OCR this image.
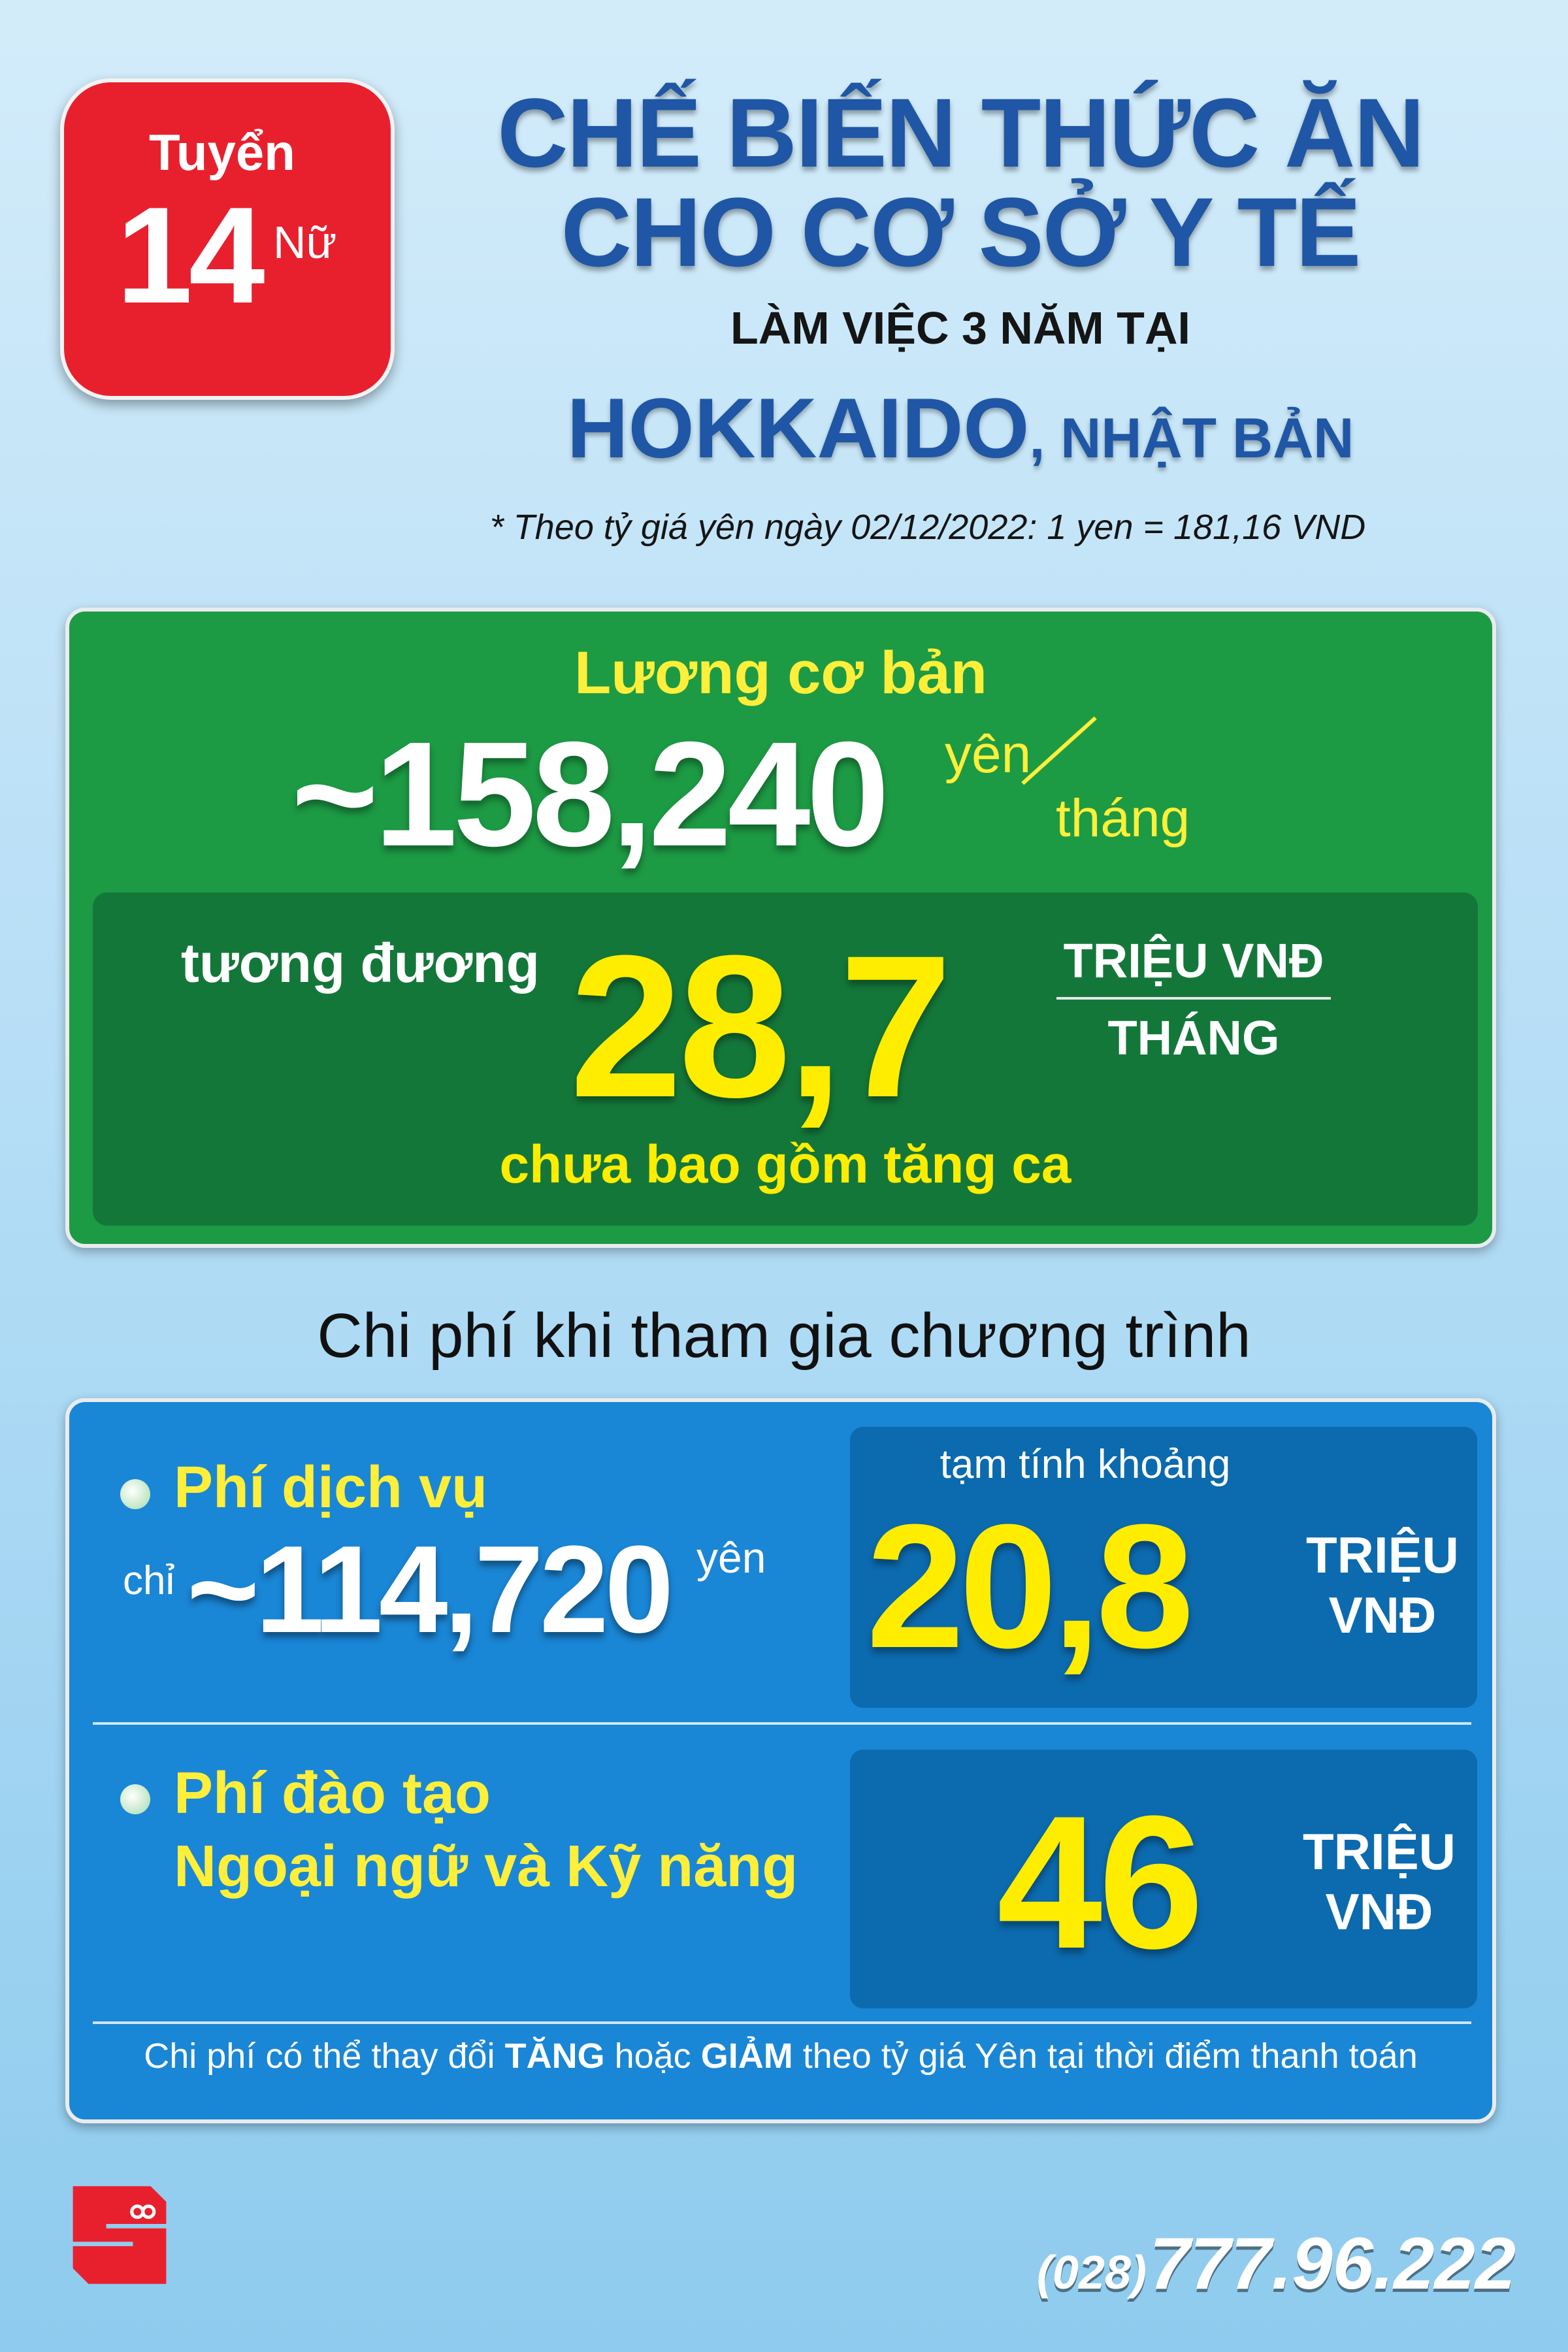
Tuyển
14 Nữ
CHẾ BIẾN THỨC ĂN
CHO CƠ SỞ Y TẾ
LÀM VIỆC 3 NĂM TẠI
HOKKAIDO, NHẬT BẢN
* Theo tỷ giá yên ngày 02/12/2022: 1 yen = 181,16 VND
Lương cơ bản
~158,240 yên
tháng
tương đương 28,7 TRIỆU VNĐ
THÁNG
chưa bao gồm tăng ca
Chi phí khi tham gia chương trình
Phí dịch vụ
chỉ ~114,720 yên
tạm tính khoảng
20,8 TRIỆU
VNĐ
Phí đào tạo
Ngoại ngữ và Kỹ năng 46 TRIỆU
VNĐ
Chi phí có thể thay đổi TĂNG hoặc GIẢM theo tỷ giá Yên tại thời điểm thanh toán
(028) 777.96.222
